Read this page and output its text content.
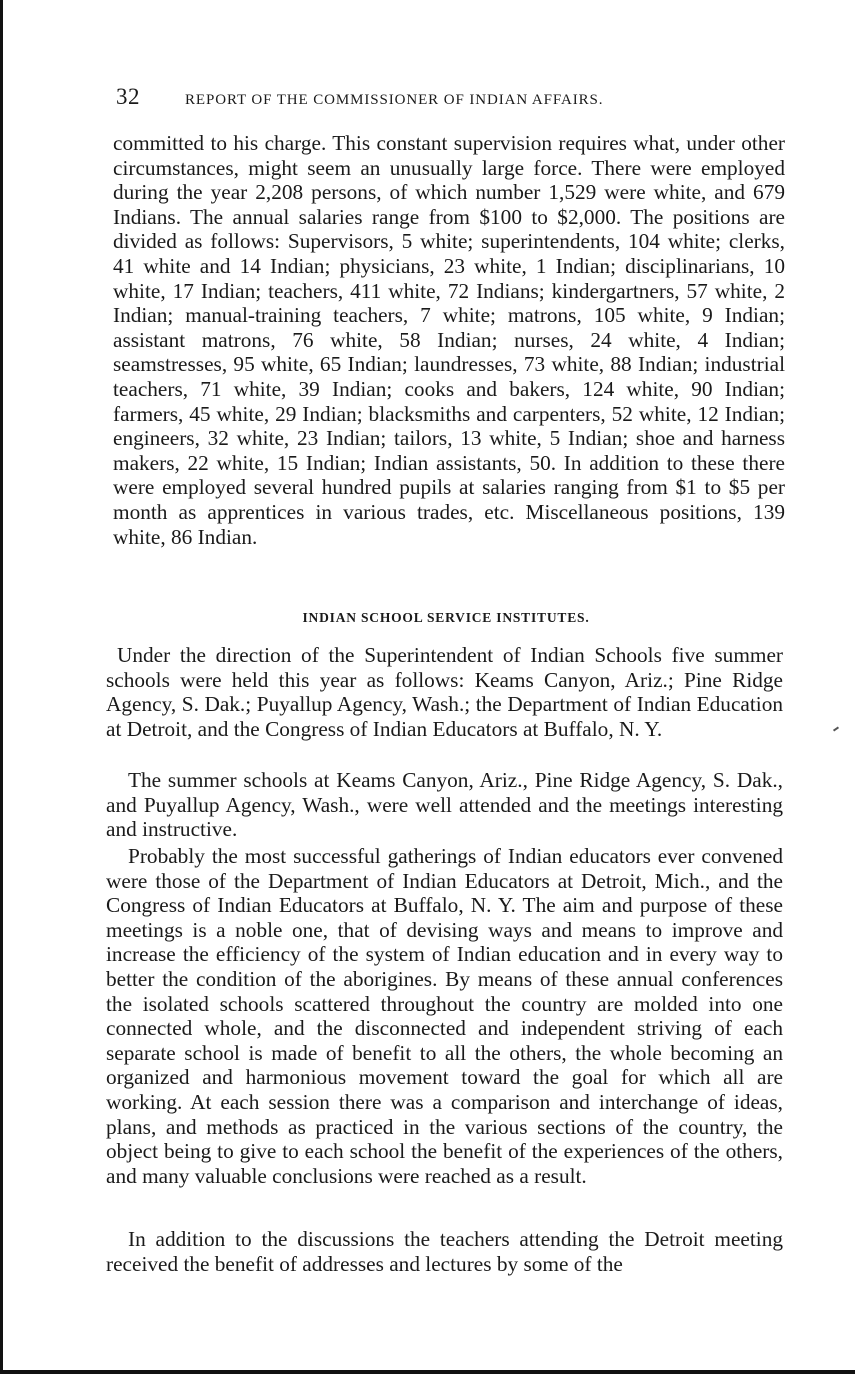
32	REPORT OF THE COMMISSIONER OF INDIAN AFFAIRS.

committed to his charge. This constant supervision requires what, under other circumstances, might seem an unusually large force. There were employed during the year 2,208 persons, of which number 1,529 were white, and 679 Indians. The annual salaries range from $100 to $2,000. The positions are divided as follows: Supervisors, 5 white; superintendents, 104 white; clerks, 41 white and 14 Indian; physicians, 23 white, 1 Indian; disciplinarians, 10 white, 17 Indian; teachers, 411 white, 72 Indians; kindergartners, 57 white, 2 Indian; manual-training teachers, 7 white; matrons, 105 white, 9 Indian; assistant matrons, 76 white, 58 Indian; nurses, 24 white, 4 Indian; seamstresses, 95 white, 65 Indian; laundresses, 73 white, 88 Indian; industrial teachers, 71 white, 39 Indian; cooks and bakers, 124 white, 90 Indian; farmers, 45 white, 29 Indian; blacksmiths and carpenters, 52 white, 12 Indian; engineers, 32 white, 23 Indian; tailors, 13 white, 5 Indian; shoe and harness makers, 22 white, 15 Indian; Indian assistants, 50. In addition to these there were employed several hundred pupils at salaries ranging from $1 to $5 per month as apprentices in various trades, etc. Miscellaneous positions, 139 white, 86 Indian.

INDIAN SCHOOL SERVICE INSTITUTES.

Under the direction of the Superintendent of Indian Schools five summer schools were held this year as follows: Keams Canyon, Ariz.; Pine Ridge Agency, S. Dak.; Puyallup Agency, Wash.; the Department of Indian Education at Detroit, and the Congress of Indian Educators at Buffalo, N. Y.

The summer schools at Keams Canyon, Ariz., Pine Ridge Agency, S. Dak., and Puyallup Agency, Wash., were well attended and the meetings interesting and instructive.

Probably the most successful gatherings of Indian educators ever convened were those of the Department of Indian Educators at Detroit, Mich., and the Congress of Indian Educators at Buffalo, N. Y. The aim and purpose of these meetings is a noble one, that of devising ways and means to improve and increase the efficiency of the system of Indian education and in every way to better the condition of the aborigines. By means of these annual conferences the isolated schools scattered throughout the country are molded into one connected whole, and the disconnected and independent striving of each separate school is made of benefit to all the others, the whole becoming an organized and harmonious movement toward the goal for which all are working. At each session there was a comparison and interchange of ideas, plans, and methods as practiced in the various sections of the country, the object being to give to each school the benefit of the experiences of the others, and many valuable conclusions were reached as a result.

In addition to the discussions the teachers attending the Detroit meeting received the benefit of addresses and lectures by some of the
